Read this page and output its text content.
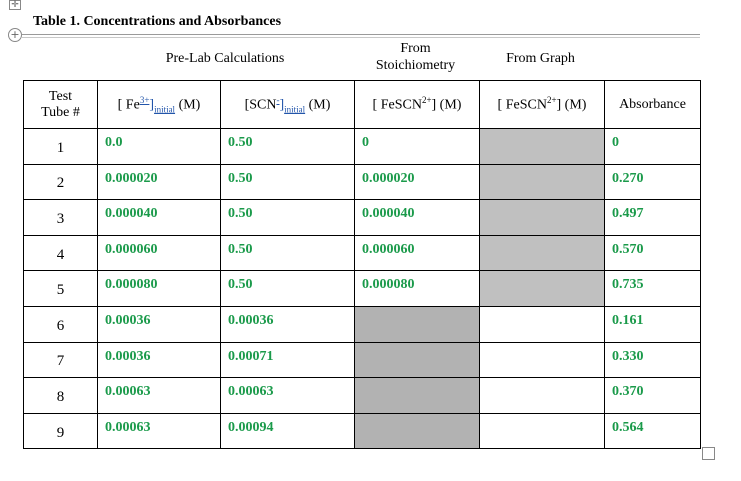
✛
Table 1. Concentrations and Absorbances
+
Pre-Lab Calculations
From
Stoichiometry	From Graph
Test
Tube #	[ $Fe^{3+}]_{initial}$ (M)	$[SCN^-]_{initial}$ (M)	[ FeSCN$^{2+}$] (M)	[ FeSCN$^{2+}$] (M)	Absorbance
1	0.0	0.50	0		0
2	0.000020	0.50	0.000020		0.270
3	0.000040	0.50	0.000040		0.497
4	0.000060	0.50	0.000060		0.570
5	0.000080	0.50	0.000080		0.735
6	0.00036	0.00036			0.161
7	0.00036	0.00071			0.330
8	0.00063	0.00063			0.370
9	0.00063	0.00094			0.564
